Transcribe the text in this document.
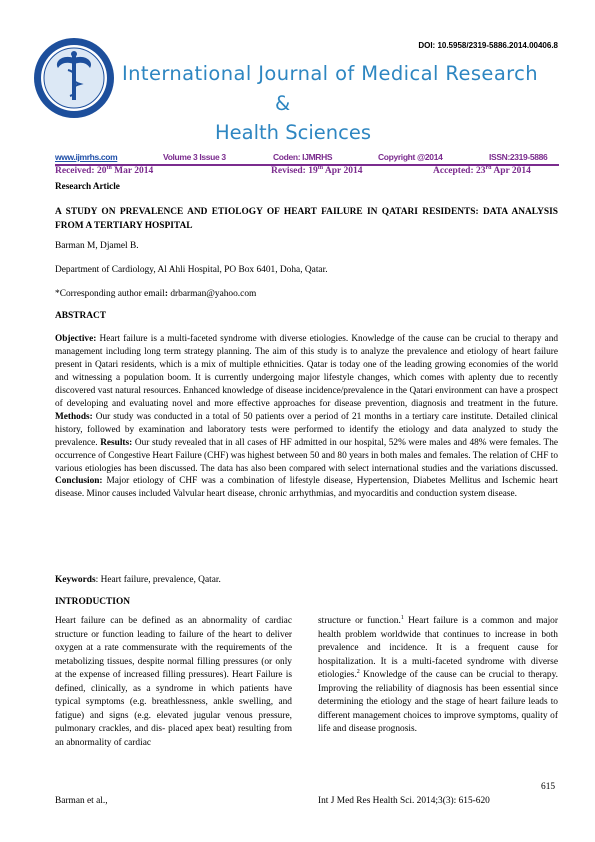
DOI: 10.5958/2319-5886.2014.00406.8
International Journal of Medical Research
&
Health Sciences
www.ijmrhs.com	Volume 3 Issue 3	Coden: IJMRHS	Copyright @2014	ISSN:2319-5886
Received: 20th Mar 2014	Revised: 19th Apr 2014	Accepted: 23rd Apr 2014
Research Article
A STUDY ON PREVALENCE AND ETIOLOGY OF HEART FAILURE IN QATARI RESIDENTS: DATA ANALYSIS FROM A TERTIARY HOSPITAL
Barman M, Djamel B.
Department of Cardiology, Al Ahli Hospital, PO Box 6401, Doha, Qatar.
*Corresponding author email: drbarman@yahoo.com
ABSTRACT
Objective: Heart failure is a multi-faceted syndrome with diverse etiologies. Knowledge of the cause can be crucial to therapy and management including long term strategy planning. The aim of this study is to analyze the prevalence and etiology of heart failure present in Qatari residents, which is a mix of multiple ethnicities. Qatar is today one of the leading growing economies of the world and witnessing a population boom. It is currently undergoing major lifestyle changes, which comes with aplenty due to recently discovered vast natural resources. Enhanced knowledge of disease incidence/prevalence in the Qatari environment can have a prospect of developing and evaluating novel and more effective approaches for disease prevention, diagnosis and treatment in the future. Methods: Our study was conducted in a total of 50 patients over a period of 21 months in a tertiary care institute. Detailed clinical history, followed by examination and laboratory tests were performed to identify the etiology and data analyzed to study the prevalence. Results: Our study revealed that in all cases of HF admitted in our hospital, 52% were males and 48% were females. The occurrence of Congestive Heart Failure (CHF) was highest between 50 and 80 years in both males and females. The relation of CHF to various etiologies has been discussed. The data has also been compared with select international studies and the variations discussed. Conclusion: Major etiology of CHF was a combination of lifestyle disease, Hypertension, Diabetes Mellitus and Ischemic heart disease. Minor causes included Valvular heart disease, chronic arrhythmias, and myocarditis and conduction system disease.
Keywords: Heart failure, prevalence, Qatar.
INTRODUCTION
Heart failure can be defined as an abnormality of cardiac structure or function leading to failure of the heart to deliver oxygen at a rate commensurate with the requirements of the metabolizing tissues, despite normal filling pressures (or only at the expense of increased filling pressures). Heart Failure is defined, clinically, as a syndrome in which patients have typical symptoms (e.g. breathlessness, ankle swelling, and fatigue) and signs (e.g. elevated jugular venous pressure, pulmonary crackles, and dis- placed apex beat) resulting from an abnormality of cardiac
structure or function.$^1$ Heart failure is a common and major health problem worldwide that continues to increase in both prevalence and incidence. It is a frequent cause for hospitalization. It is a multi-faceted syndrome with diverse etiologies.$^2$ Knowledge of the cause can be crucial to therapy. Improving the reliability of diagnosis has been essential since determining the etiology and the stage of heart failure leads to different management choices to improve symptoms, quality of life and disease prognosis.
615
Barman et al.,	Int J Med Res Health Sci. 2014;3(3): 615-620
